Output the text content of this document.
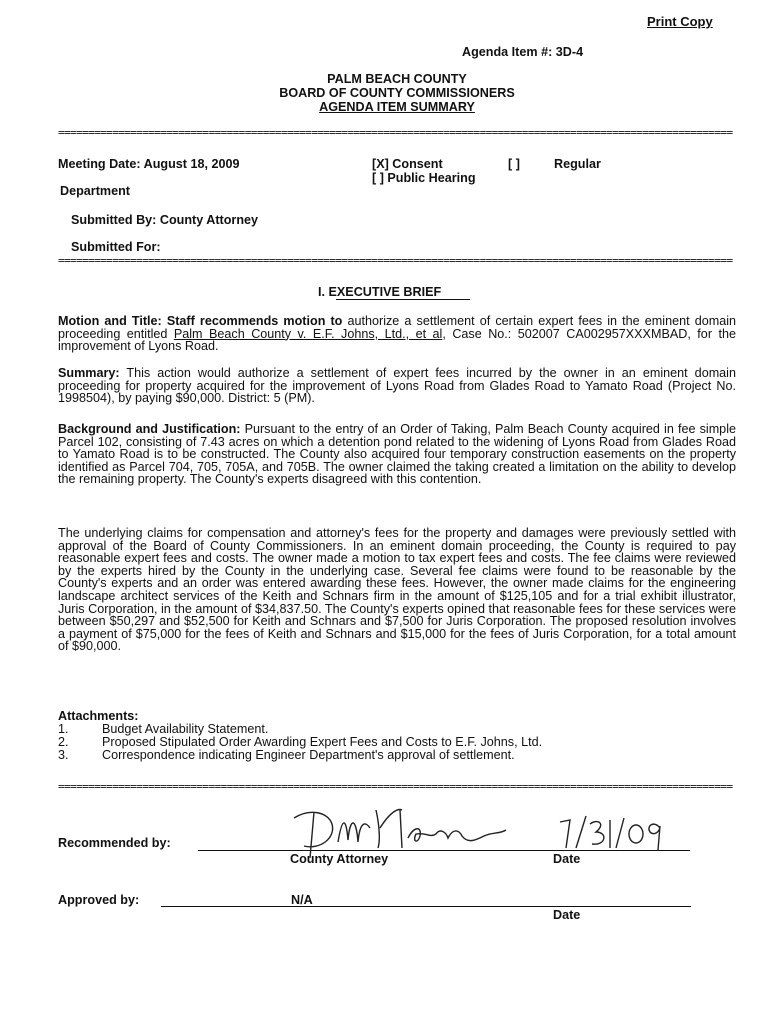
Print Copy
Agenda Item #: 3D-4
PALM BEACH COUNTY
BOARD OF COUNTY COMMISSIONERS
AGENDA ITEM SUMMARY
=====
Meeting Date: August 18, 2009	[X] Consent	[ ]	Regular
[ ] Public Hearing
Department
Submitted By: County Attorney
Submitted For:
=====
I. EXECUTIVE BRIEF
Motion and Title: Staff recommends motion to authorize a settlement of certain expert fees in the eminent domain proceeding entitled Palm Beach County v. E.F. Johns, Ltd., et al, Case No.: 502007 CA002957XXXMBAD, for the improvement of Lyons Road.
Summary: This action would authorize a settlement of expert fees incurred by the owner in an eminent domain proceeding for property acquired for the improvement of Lyons Road from Glades Road to Yamato Road (Project No. 1998504), by paying $90,000. District: 5 (PM).
Background and Justification: Pursuant to the entry of an Order of Taking, Palm Beach County acquired in fee simple Parcel 102, consisting of 7.43 acres on which a detention pond related to the widening of Lyons Road from Glades Road to Yamato Road is to be constructed. The County also acquired four temporary construction easements on the property identified as Parcel 704, 705, 705A, and 705B. The owner claimed the taking created a limitation on the ability to develop the remaining property. The County's experts disagreed with this contention.
The underlying claims for compensation and attorney's fees for the property and damages were previously settled with approval of the Board of County Commissioners. In an eminent domain proceeding, the County is required to pay reasonable expert fees and costs. The owner made a motion to tax expert fees and costs. The fee claims were reviewed by the experts hired by the County in the underlying case. Several fee claims were found to be reasonable by the County's experts and an order was entered awarding these fees. However, the owner made claims for the engineering landscape architect services of the Keith and Schnars firm in the amount of $125,105 and for a trial exhibit illustrator, Juris Corporation, in the amount of $34,837.50. The County's experts opined that reasonable fees for these services were between $50,297 and $52,500 for Keith and Schnars and $7,500 for Juris Corporation. The proposed resolution involves a payment of $75,000 for the fees of Keith and Schnars and $15,000 for the fees of Juris Corporation, for a total amount of $90,000.
Attachments:
1.	Budget Availability Statement.
2.	Proposed Stipulated Order Awarding Expert Fees and Costs to E.F. Johns, Ltd.
3.	Correspondence indicating Engineer Department's approval of settlement.
=====
Recommended by:
County Attorney	Date
Approved by:	N/A
Date
